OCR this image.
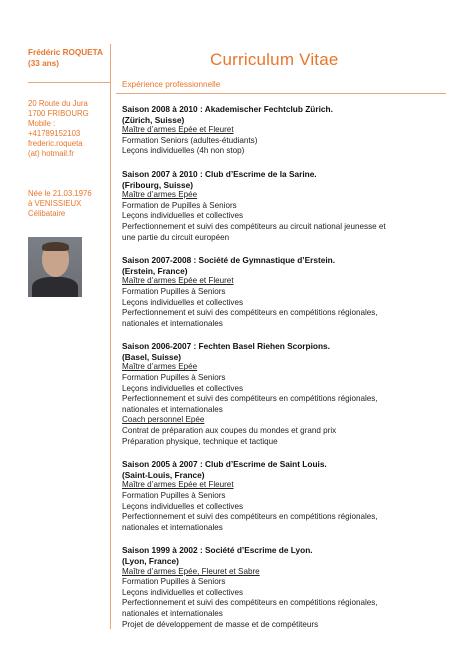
Frédéric ROQUETA
(33 ans)
20 Route du Jura
1700 FRIBOURG
Mobile :
+41789152103
frederic.roqueta
(at) hotmail.fr
Née le 21.03.1976
à VENISSIEUX
Célibataire
Curriculum Vitae
Expérience professionnelle
Saison 2008 à 2010 : Akademischer Fechtclub Zürich.
(Zürich, Suisse)
Maître d’armes Epée et Fleuret
Formation Seniors (adultes-étudiants)
Leçons individuelles (4h non stop)
Saison 2007 à 2010 : Club d’Escrime de la Sarine.
(Fribourg, Suisse)
Maître d’armes Epée
Formation de Pupilles à Seniors
Leçons individuelles et collectives
Perfectionnement et suivi des compétiteurs au circuit national jeunesse et
une partie du circuit européen
Saison 2007-2008 : Société de Gymnastique d’Erstein.
(Erstein, France)
Maître d’armes Epée et Fleuret
Formation Pupilles à Seniors
Leçons individuelles et collectives
Perfectionnement et suivi des compétiteurs en compétitions régionales,
nationales et internationales
Saison 2006-2007 : Fechten Basel Riehen Scorpions.
(Basel, Suisse)
Maître d’armes Epée
Formation Pupilles à Seniors
Leçons individuelles et collectives
Perfectionnement et suivi des compétiteurs en compétitions régionales,
nationales et internationales
Coach personnel Epée
Contrat de préparation aux coupes du mondes et grand prix
Préparation physique, technique et tactique
Saison 2005 à 2007 : Club d’Escrime de Saint Louis.
(Saint-Louis, France)
Maître d’armes Epée et Fleuret
Formation Pupilles à Seniors
Leçons individuelles et collectives
Perfectionnement et suivi des compétiteurs en compétitions régionales,
nationales et internationales
Saison 1999 à 2002 : Société d’Escrime de Lyon.
(Lyon, France)
Maître d’armes Epée, Fleuret et Sabre
Formation Pupilles à Seniors
Leçons individuelles et collectives
Perfectionnement et suivi des compétiteurs en compétitions régionales,
nationales et internationales
Projet de développement de masse et de compétiteurs
